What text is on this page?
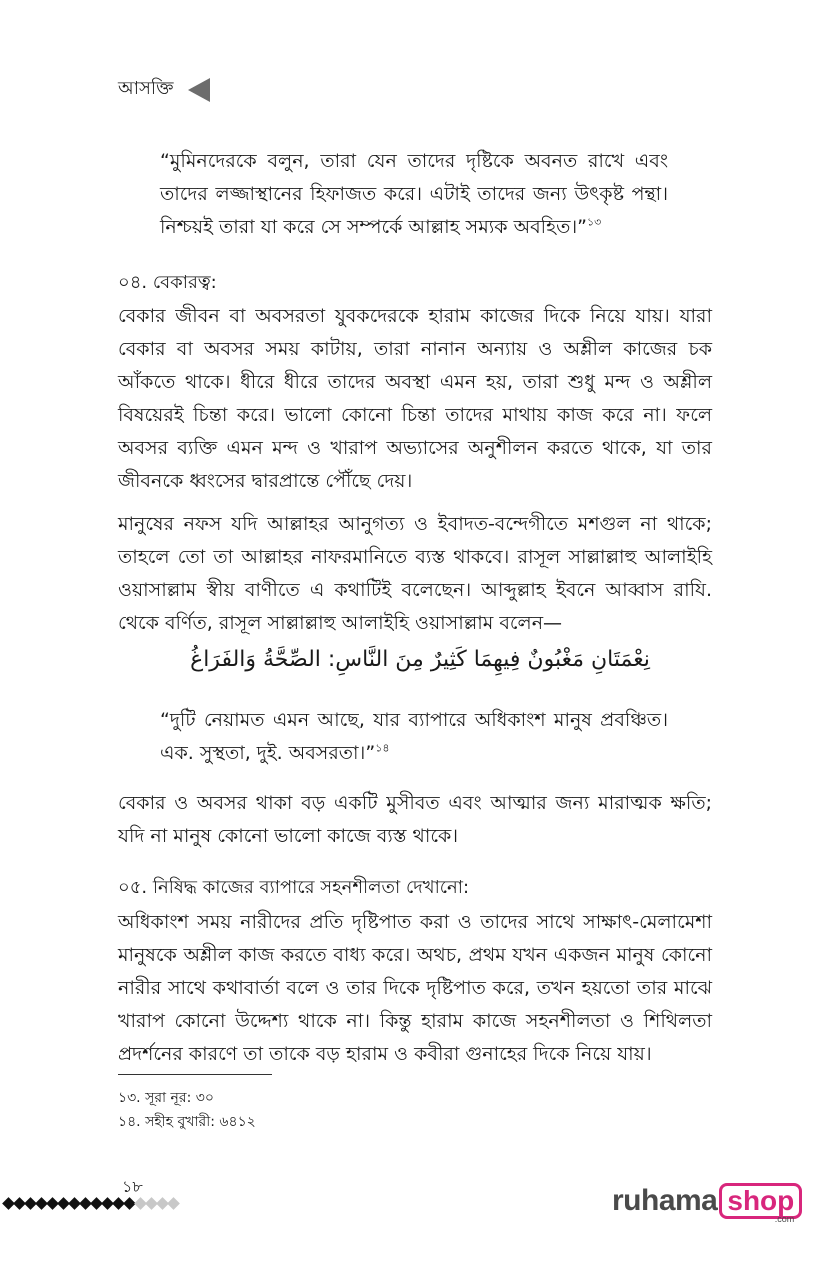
আসক্তি

“মুমিনদেরকে বলুন, তারা যেন তাদের দৃষ্টিকে অবনত রাখে এবং তাদের লজ্জাস্থানের হিফাজত করে। এটাই তাদের জন্য উৎকৃষ্ট পন্থা। নিশ্চয়ই তারা যা করে সে সম্পর্কে আল্লাহ সম্যক অবহিত।”$^{১৩}$

০৪. বেকারত্ব:

বেকার জীবন বা অবসরতা যুবকদেরকে হারাম কাজের দিকে নিয়ে যায়। যারা বেকার বা অবসর সময় কাটায়, তারা নানান অন্যায় ও অশ্লীল কাজের চক আঁকতে থাকে। ধীরে ধীরে তাদের অবস্থা এমন হয়, তারা শুধু মন্দ ও অশ্লীল বিষয়েরই চিন্তা করে। ভালো কোনো চিন্তা তাদের মাথায় কাজ করে না। ফলে অবসর ব্যক্তি এমন মন্দ ও খারাপ অভ্যাসের অনুশীলন করতে থাকে, যা তার জীবনকে ধ্বংসের দ্বারপ্রান্তে পৌঁছে দেয়।

মানুষের নফস যদি আল্লাহর আনুগত্য ও ইবাদত-বন্দেগীতে মশগুল না থাকে; তাহলে তো তা আল্লাহর নাফরমানিতে ব্যস্ত থাকবে। রাসূল সাল্লাল্লাহু আলাইহি ওয়াসাল্লাম স্বীয় বাণীতে এ কথাটিই বলেছেন। আব্দুল্লাহ ইবনে আব্বাস রাযি. থেকে বর্ণিত, রাসূল সাল্লাল্লাহু আলাইহি ওয়াসাল্লাম বলেন—

نِعْمَتَانِ مَغْبُونٌ فِيهِمَا كَثِيرٌ مِنَ النَّاسِ: الصِّحَّةُ وَالفَرَاغُ

“দুটি নেয়ামত এমন আছে, যার ব্যাপারে অধিকাংশ মানুষ প্রবঞ্চিত। এক. সুস্থতা, দুই. অবসরতা।”$^{১৪}$

বেকার ও অবসর থাকা বড় একটি মুসীবত এবং আত্মার জন্য মারাত্মক ক্ষতি; যদি না মানুষ কোনো ভালো কাজে ব্যস্ত থাকে।

০৫. নিষিদ্ধ কাজের ব্যাপারে সহনশীলতা দেখানো:

অধিকাংশ সময় নারীদের প্রতি দৃষ্টিপাত করা ও তাদের সাথে সাক্ষাৎ-মেলামেশা মানুষকে অশ্লীল কাজ করতে বাধ্য করে। অথচ, প্রথম যখন একজন মানুষ কোনো নারীর সাথে কথাবার্তা বলে ও তার দিকে দৃষ্টিপাত করে, তখন হয়তো তার মাঝে খারাপ কোনো উদ্দেশ্য থাকে না। কিন্তু হারাম কাজে সহনশীলতা ও শিথিলতা প্রদর্শনের কারণে তা তাকে বড় হারাম ও কবীরা গুনাহের দিকে নিয়ে যায়।

১৩. সূরা নূর: ৩০
১৪. সহীহ বুখারী: ৬৪১২
১৮	ruhama shop
.com
